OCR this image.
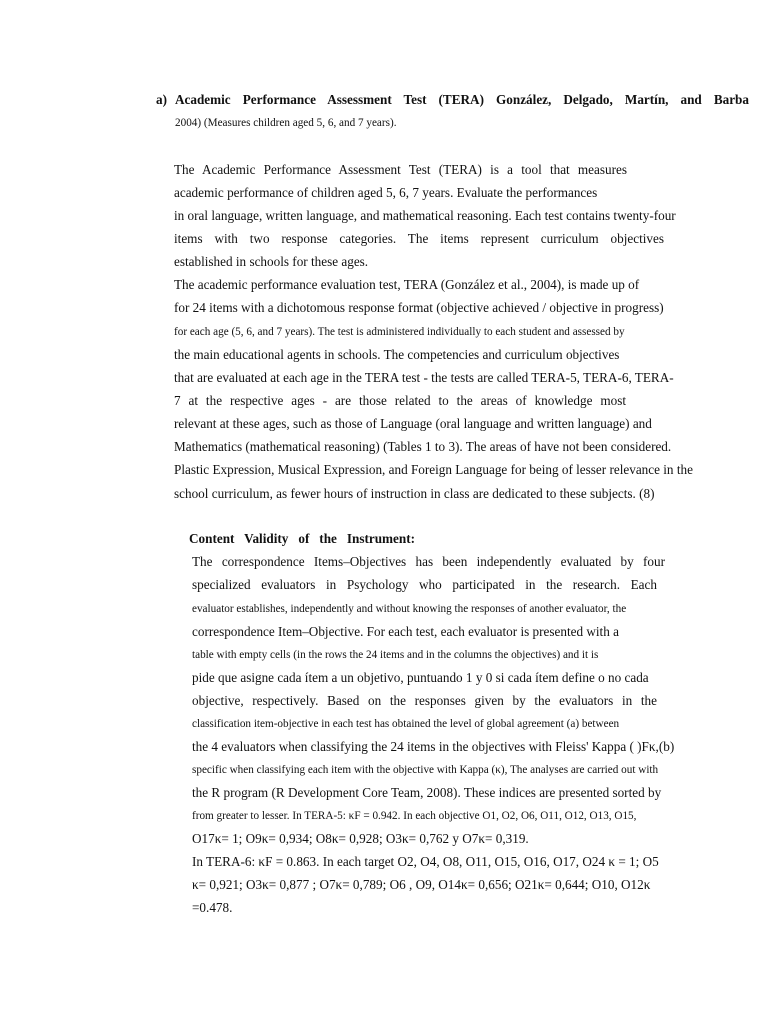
a) Academic Performance Assessment Test (TERA) González, Delgado, Martín, and Barba

2004) (Measures children aged 5, 6, and 7 years).

The Academic Performance Assessment Test (TERA) is a tool that measures

academic performance of children aged 5, 6, 7 years. Evaluate the performances

in oral language, written language, and mathematical reasoning. Each test contains twenty-four

items with two response categories. The items represent curriculum objectives

established in schools for these ages.

The academic performance evaluation test, TERA (González et al., 2004), is made up of

for 24 items with a dichotomous response format (objective achieved / objective in progress)

for each age (5, 6, and 7 years). The test is administered individually to each student and assessed by

the main educational agents in schools. The competencies and curriculum objectives

that are evaluated at each age in the TERA test - the tests are called TERA-5, TERA-6, TERA-

7 at the respective ages - are those related to the areas of knowledge most

relevant at these ages, such as those of Language (oral language and written language) and

Mathematics (mathematical reasoning) (Tables 1 to 3). The areas of have not been considered.

Plastic Expression, Musical Expression, and Foreign Language for being of lesser relevance in the

school curriculum, as fewer hours of instruction in class are dedicated to these subjects. (8)

Content Validity of the Instrument:

The correspondence Items–Objectives has been independently evaluated by four

specialized evaluators in Psychology who participated in the research. Each

evaluator establishes, independently and without knowing the responses of another evaluator, the

correspondence Item–Objective. For each test, each evaluator is presented with a

table with empty cells (in the rows the 24 items and in the columns the objectives) and it is

pide que asigne cada ítem a un objetivo, puntuando 1 y 0 si cada ítem define o no cada

objective, respectively. Based on the responses given by the evaluators in the

classification item-objective in each test has obtained the level of global agreement (a) between

the 4 evaluators when classifying the 24 items in the objectives with Fleiss' Kappa ( )Fκ,(b)

specific when classifying each item with the objective with Kappa (κ), The analyses are carried out with

the R program (R Development Core Team, 2008). These indices are presented sorted by

from greater to lesser. In TERA-5: κF = 0.942. In each objective O1, O2, O6, O11, O12, O13, O15,

O17κ= 1; O9κ= 0,934; O8κ= 0,928; O3κ= 0,762 y O7κ= 0,319.

In TERA-6: κF = 0.863. In each target O2, O4, O8, O11, O15, O16, O17, O24 κ = 1; O5

κ= 0,921; O3κ= 0,877 ; O7κ= 0,789; O6 , O9, O14κ= 0,656; O21κ= 0,644; O10, O12κ

=0.478.
